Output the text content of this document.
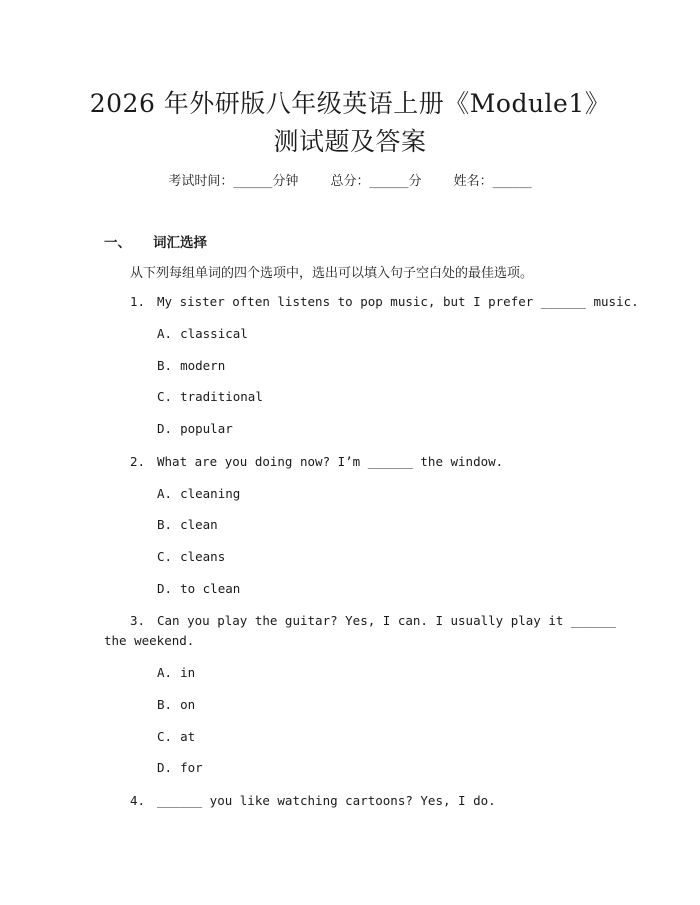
2026 年外研版八年级英语上册《Module1》
测试题及答案
考试时间：______分钟 总分：______分 姓名：______
一、 词汇选择
从下列每组单词的四个选项中，选出可以填入句子空白处的最佳选项。
1. My sister often listens to pop music, but I prefer ______ music.
A. classical
B. modern
C. traditional
D. popular
2. What are you doing now? I’m ______ the window.
A. cleaning
B. clean
C. cleans
D. to clean
3. Can you play the guitar? Yes, I can. I usually play it ______
the weekend.
A. in
B. on
C. at
D. for
4. ______ you like watching cartoons? Yes, I do.
